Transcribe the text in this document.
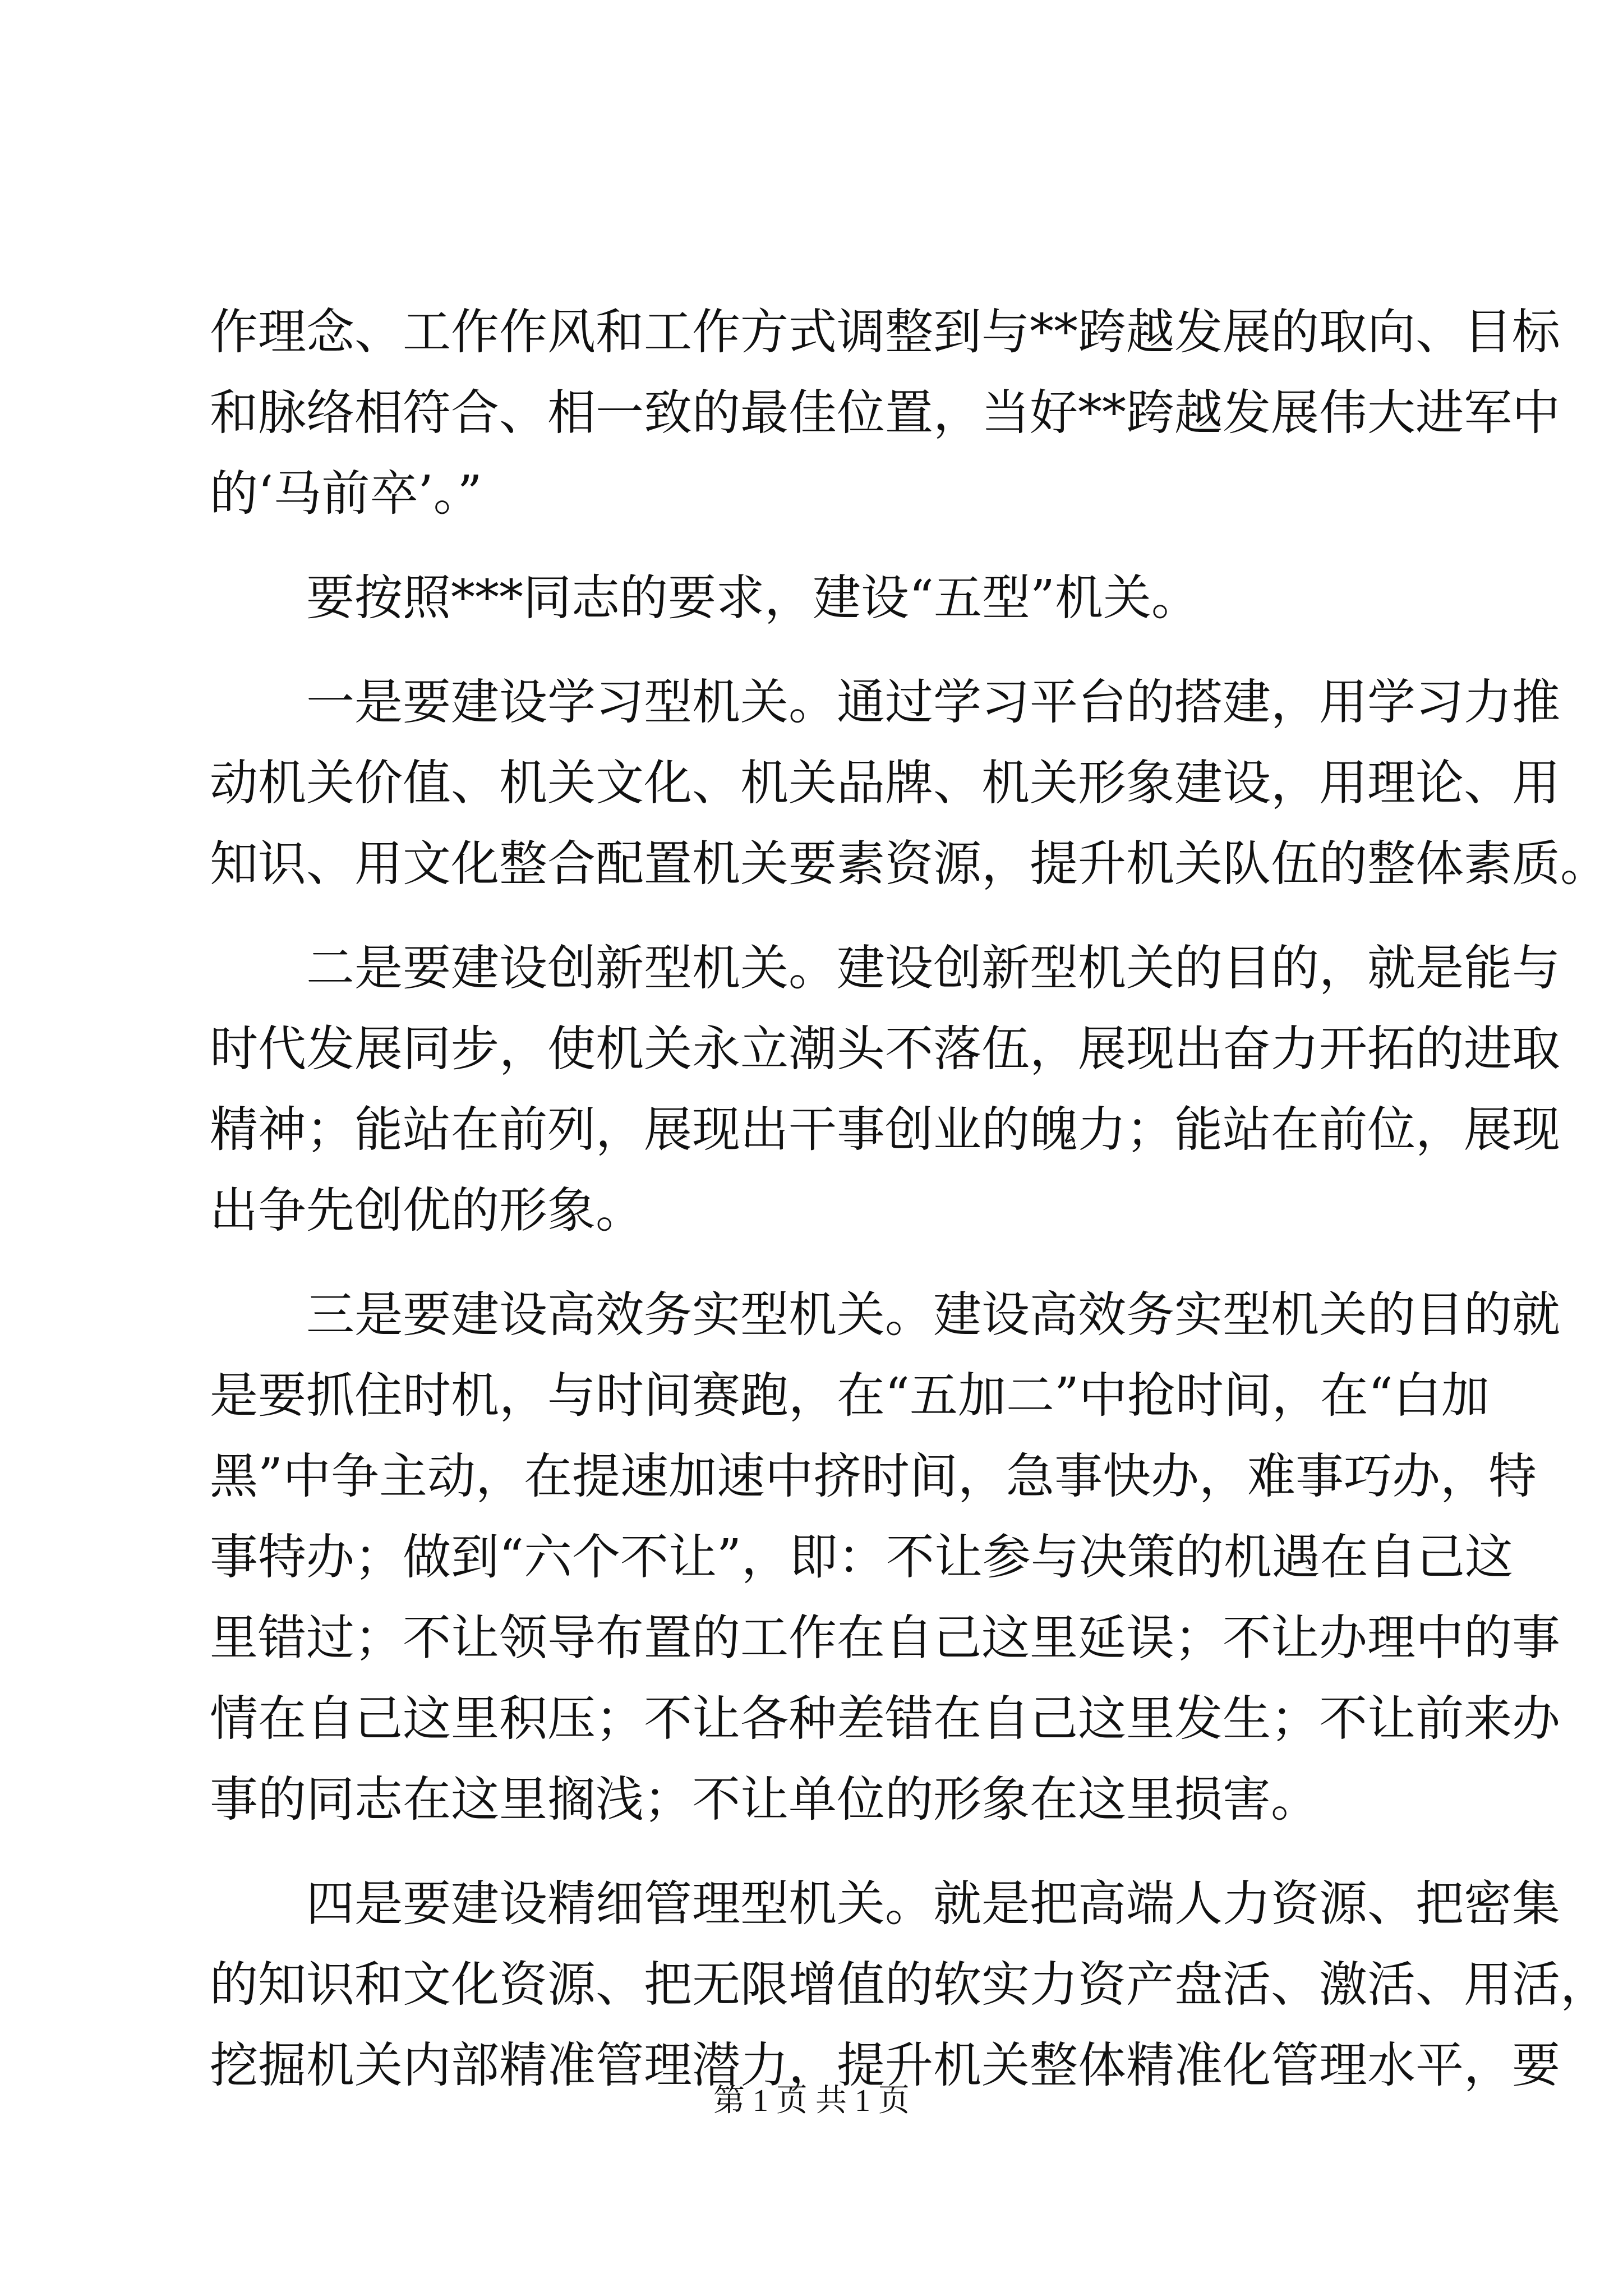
作理念、工作作风和工作方式调整到与**跨越发展的取向、目标
和脉络相符合、相一致的最佳位置，当好**跨越发展伟大进军中
的‘马前卒’。”
要按照***同志的要求，建设“五型”机关。
一是要建设学习型机关。通过学习平台的搭建，用学习力推
动机关价值、机关文化、机关品牌、机关形象建设，用理论、用
知识、用文化整合配置机关要素资源，提升机关队伍的整体素质。
二是要建设创新型机关。建设创新型机关的目的，就是能与
时代发展同步，使机关永立潮头不落伍，展现出奋力开拓的进取
精神；能站在前列，展现出干事创业的魄力；能站在前位，展现
出争先创优的形象。
三是要建设高效务实型机关。建设高效务实型机关的目的就
是要抓住时机，与时间赛跑，在“五加二”中抢时间，在“白加
黑”中争主动，在提速加速中挤时间，急事快办，难事巧办，特
事特办；做到“六个不让”，即：不让参与决策的机遇在自己这
里错过；不让领导布置的工作在自己这里延误；不让办理中的事
情在自己这里积压；不让各种差错在自己这里发生；不让前来办
事的同志在这里搁浅；不让单位的形象在这里损害。
四是要建设精细管理型机关。就是把高端人力资源、把密集
的知识和文化资源、把无限增值的软实力资产盘活、激活、用活，
挖掘机关内部精准管理潜力，提升机关整体精准化管理水平，要
第 1 页 共 1 页
